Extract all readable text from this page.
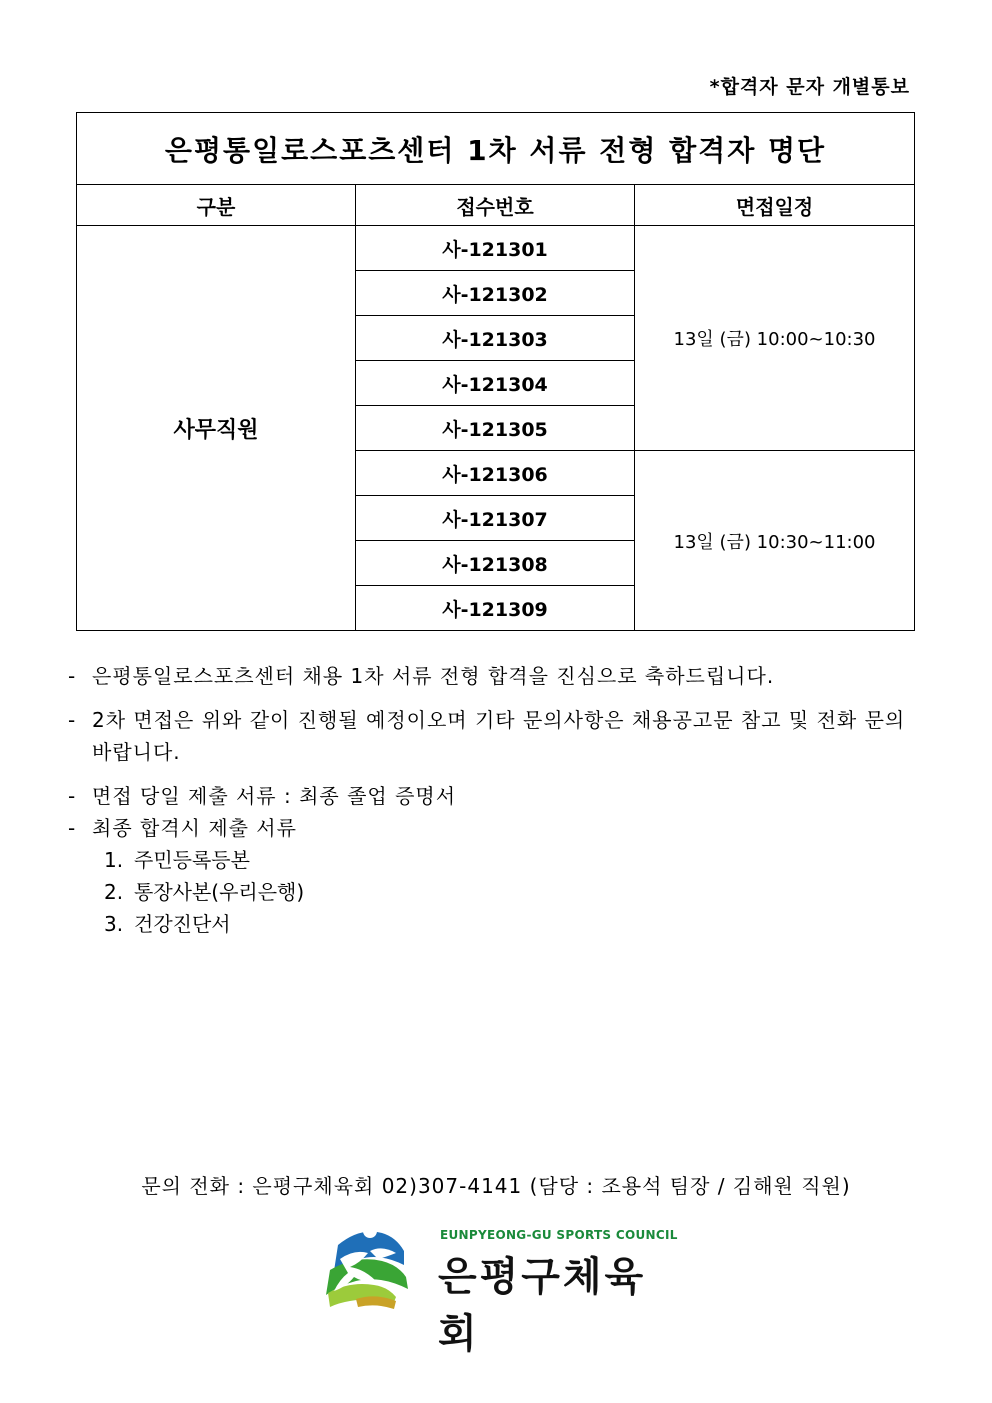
*합격자 문자 개별통보
은평통일로스포츠센터 1차 서류 전형 합격자 명단		
구분	접수번호	면접일정
사무직원	사-121301	13일 (금) 10:00~10:30
	사-121302	
	사-121303	
	사-121304	
	사-121305	
	사-121306	13일 (금) 10:30~11:00
	사-121307	
	사-121308	
	사-121309	
- 은평통일로스포츠센터 채용 1차 서류 전형 합격을 진심으로 축하드립니다.
- 2차 면접은 위와 같이 진행될 예정이오며 기타 문의사항은 채용공고문 참고 및 전화 문의 바랍니다.
- 면접 당일 제출 서류 : 최종 졸업 증명서
- 최종 합격시 제출 서류
1. 주민등록등본
2. 통장사본(우리은행)
3. 건강진단서
문의 전화 : 은평구체육회 02)307-4141 (담당 : 조용석 팀장 / 김해원 직원)
EUNPYEONG-GU SPORTS COUNCIL
은평구체육회
